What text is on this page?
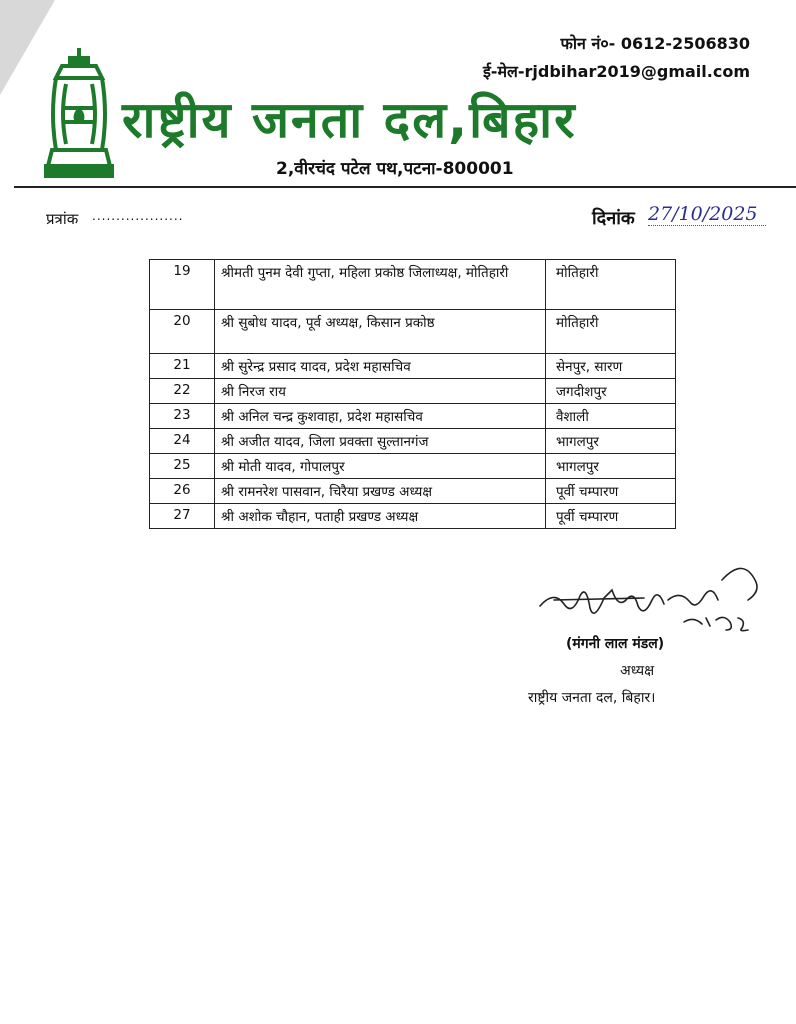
फोन नं०- 0612-2506830
ई-मेल-rjdbihar2019@gmail.com
राष्ट्रीय जनता दल,बिहार
2,वीरचंद पटेल पथ,पटना-800001
प्रत्रांक ...................	दिनांक 27/10/2025
19	श्रीमती पुनम देवी गुप्ता, महिला प्रकोष्ठ जिलाध्यक्ष, मोतिहारी	मोतिहारी
20	श्री सुबोध यादव, पूर्व अध्यक्ष, किसान प्रकोष्ठ	मोतिहारी
21	श्री सुरेन्द्र प्रसाद यादव, प्रदेश महासचिव	सेनपुर, सारण
22	श्री निरज राय	जगदीशपुर
23	श्री अनिल चन्द्र कुशवाहा, प्रदेश महासचिव	वैशाली
24	श्री अजीत यादव, जिला प्रवक्ता सुल्तानगंज	भागलपुर
25	श्री मोती यादव, गोपालपुर	भागलपुर
26	श्री रामनरेश पासवान, चिरैया प्रखण्ड अध्यक्ष	पूर्वी चम्पारण
27	श्री अशोक चौहान, पताही प्रखण्ड अध्यक्ष	पूर्वी चम्पारण
(मंगनी लाल मंडल)
अध्यक्ष
राष्ट्रीय जनता दल, बिहार।
